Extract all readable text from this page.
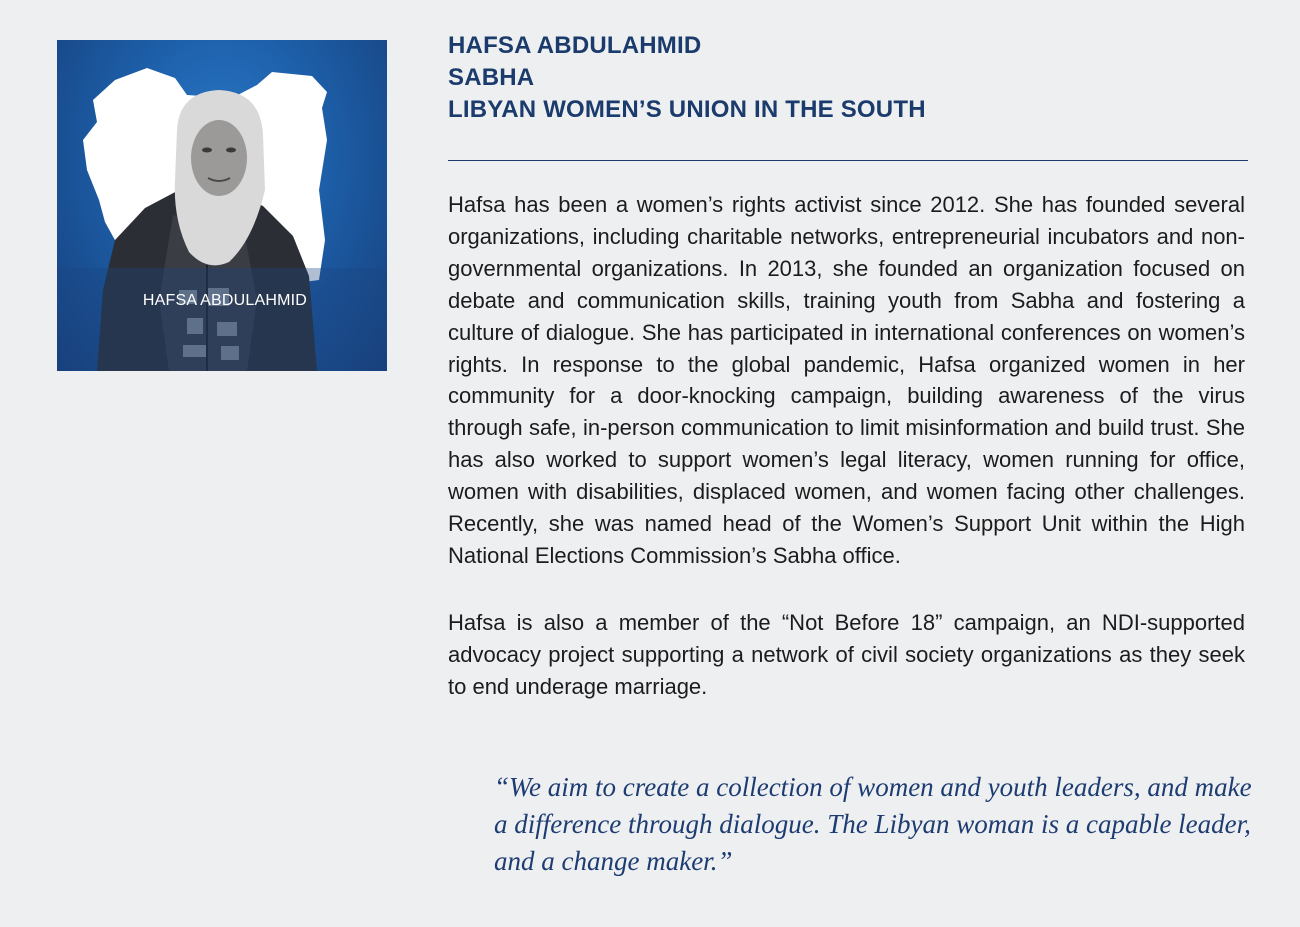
HAFSA ABDULAHMID
HAFSA ABDULAHMID
SABHA
LIBYAN WOMEN’S UNION IN THE SOUTH

Hafsa has been a women’s rights activist since 2012. She has founded several organizations, including charitable networks, entrepreneurial incubators and non-governmental organizations. In 2013, she founded an organization focused on debate and communication skills, training youth from Sabha and fostering a culture of dialogue. She has participated in international conferences on women’s rights. In response to the global pandemic, Hafsa organized women in her community for a door-knocking campaign, building awareness of the virus through safe, in-person communication to limit misinformation and build trust. She has also worked to support women’s legal literacy, women running for office, women with disabilities, displaced women, and women facing other challenges. Recently, she was named head of the Women’s Support Unit within the High National Elections Commission’s Sabha office.

Hafsa is also a member of the “Not Before 18” campaign, an NDI-supported advocacy project supporting a network of civil society organizations as they seek to end underage marriage.

“We aim to create a collection of women and youth leaders, and make a difference through dialogue. The Libyan woman is a capable leader, and a change maker.”
